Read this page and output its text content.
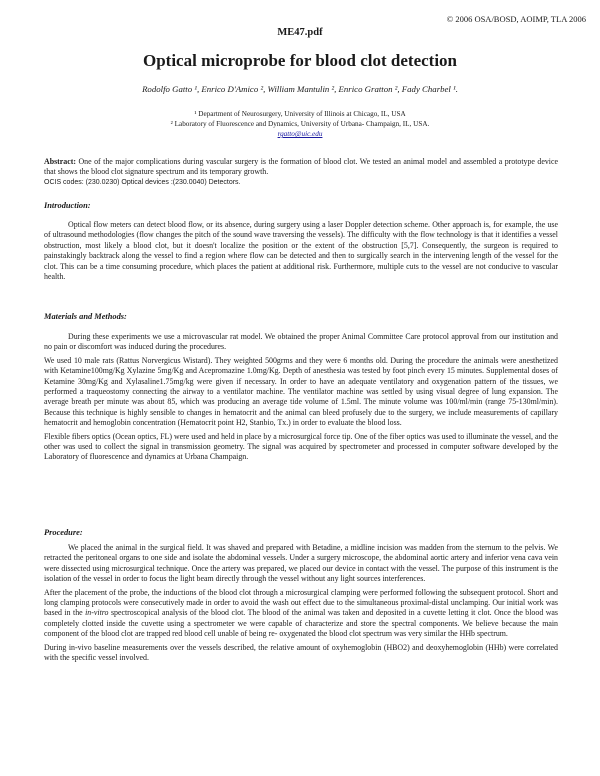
© 2006 OSA/BOSD, AOIMP, TLA 2006
ME47.pdf
Optical microprobe for blood clot detection
Rodolfo Gatto ¹, Enrico D'Amico ², William Mantulin ², Enrico Gratton ², Fady Charbel ¹.
¹ Department of Neurosurgery, University of Illinois at Chicago, IL, USA
² Laboratory of Fluorescence and Dynamics, University of Urbana- Champaign, IL, USA.
rgatto@uic.edu

Abstract: One of the major complications during vascular surgery is the formation of blood clot. We tested an animal model and assembled a prototype device that shows the blood clot signature spectrum and its temporary growth.

OCIS codes: (230.0230) Optical devices :(230.0040) Detectors.

Introduction:

Optical flow meters can detect blood flow, or its absence, during surgery using a laser Doppler detection scheme. Other approach is, for example, the use of ultrasound methodologies (flow changes the pitch of the sound wave traversing the vessels). The difficulty with the flow technology is that it identifies a vessel obstruction, most likely a blood clot, but it doesn't localize the position or the extent of the obstruction [5,7]. Consequently, the surgeon is required to painstakingly backtrack along the vessel to find a region where flow can be detected and then to surgically search in the intervening length of the vessel for the clot. This can be a time consuming procedure, which places the patient at additional risk. Furthermore, multiple cuts to the vessel are not conducive to vascular health.

Materials and Methods:

During these experiments we use a microvascular rat model. We obtained the proper Animal Committee Care protocol approval from our institution and no pain or discomfort was induced during the procedures.

We used 10 male rats (Rattus Norvergicus Wistard). They weighted 500grms and they were 6 months old. During the procedure the animals were anesthetized with Ketamine100mg/Kg Xylazine 5mg/Kg and Acepromazine 1.0mg/Kg. Depth of anesthesia was tested by foot pinch every 15 minutes. Supplemental doses of Ketamine 30mg/Kg and Xylasaline1.75mg/kg were given if necessary. In order to have an adequate ventilatory and oxygenation pattern of the tissues, we performed a traqueostomy connecting the airway to a ventilator machine. The ventilator machine was settled by using visual degree of lung expansion. The average breath per minute was about 85, which was producing an average tide volume of 1.5ml. The minute volume was 100/ml/min (range 75-130ml/min). Because this technique is highly sensible to changes in hematocrit and the animal can bleed profusely due to the surgery, we include measurements of capillary hematocrit and hemoglobin concentration (Hematocrit point H2, Stanbio, Tx.) in order to evaluate the blood loss.

Flexible fibers optics (Ocean optics, FL) were used and held in place by a microsurgical force tip. One of the fiber optics was used to illuminate the vessel, and the other was used to collect the signal in transmission geometry. The signal was acquired by spectrometer and processed in computer software developed by the Laboratory of fluorescence and dynamics at Urbana Champaign.

Procedure:

We placed the animal in the surgical field. It was shaved and prepared with Betadine, a midline incision was madden from the sternum to the pelvis. We retracted the peritoneal organs to one side and isolate the abdominal vessels. Under a surgery microscope, the abdominal aortic artery and inferior vena cava vein were dissected using microsurgical technique. Once the artery was prepared, we placed our device in contact with the vessel. The purpose of this instrument is the isolation of the vessel in order to focus the light beam directly through the vessel without any light sources interferences.

After the placement of the probe, the inductions of the blood clot through a microsurgical clamping were performed following the subsequent protocol. Short and long clamping protocols were consecutively made in order to avoid the wash out effect due to the simultaneous proximal-distal unclamping. Our initial work was based in the in-vitro spectroscopical analysis of the blood clot. The blood of the animal was taken and deposited in a cuvette letting it clot. Once the blood was completely clotted inside the cuvette using a spectrometer we were capable of characterize and store the spectral components. We believe because the main component of the blood clot are trapped red blood cell unable of being re- oxygenated the blood clot spectrum was very similar the HHb spectrum.

During in-vivo baseline measurements over the vessels described, the relative amount of oxyhemoglobin (HBO2) and deoxyhemoglobin (HHb) were correlated with the specific vessel involved.
